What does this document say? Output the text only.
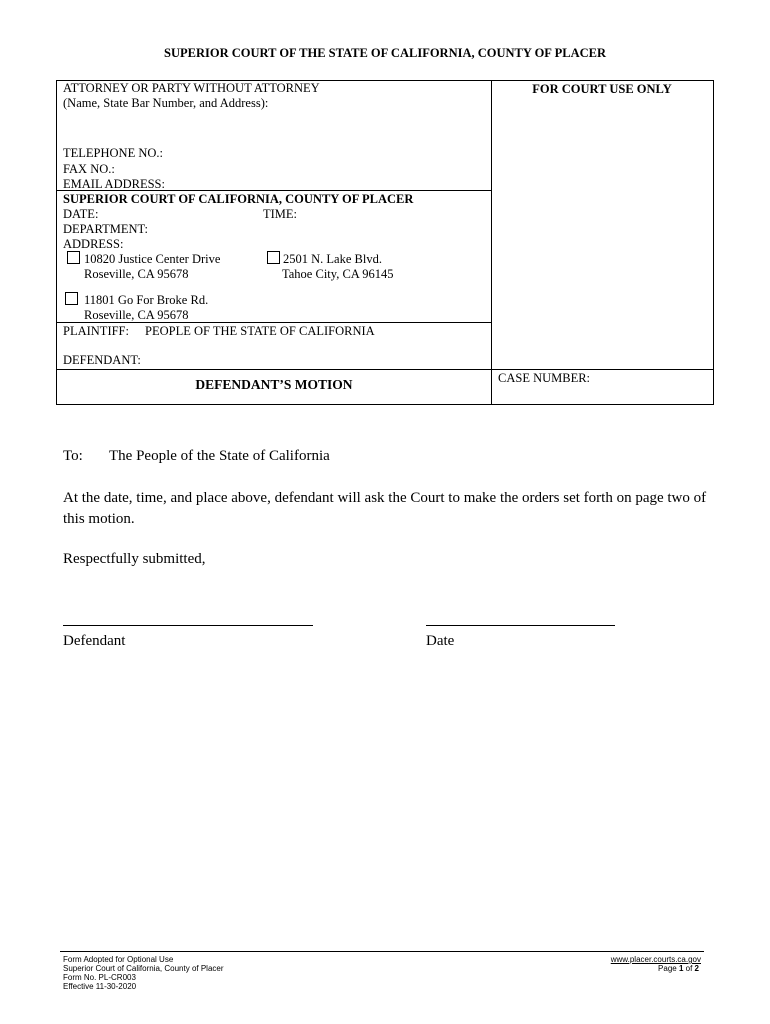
SUPERIOR COURT OF THE STATE OF CALIFORNIA, COUNTY OF PLACER
ATTORNEY OR PARTY WITHOUT ATTORNEY
(Name, State Bar Number, and Address):
TELEPHONE NO.:
FAX NO.:
EMAIL ADDRESS:
FOR COURT USE ONLY
SUPERIOR COURT OF CALIFORNIA, COUNTY OF PLACER
DATE:	TIME:
DEPARTMENT:
ADDRESS:
10820 Justice Center Drive
Roseville, CA 95678
2501 N. Lake Blvd.
Tahoe City, CA 96145
11801 Go For Broke Rd.
Roseville, CA 95678
PLAINTIFF: PEOPLE OF THE STATE OF CALIFORNIA
DEFENDANT:
DEFENDANT’S MOTION	CASE NUMBER:
To: The People of the State of California
At the date, time, and place above, defendant will ask the Court to make the orders set forth on page two of this motion.
Respectfully submitted,
Defendant	Date
Form Adopted for Optional Use
Superior Court of California, County of Placer
Form No. PL-CR003
Effective 11-30-2020
www.placer.courts.ca.gov
Page 1 of 2
